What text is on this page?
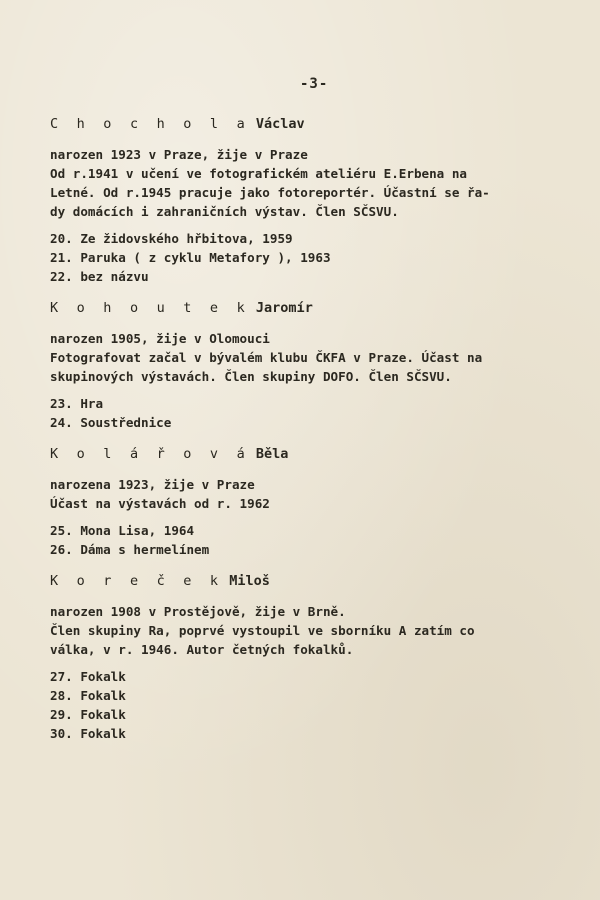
-3-
C h o c h o l a Václav
narozen 1923 v Praze, žije v Praze
Od r.1941 v učení ve fotografickém ateliéru E.Erbena na
Letné. Od r.1945 pracuje jako fotoreportér. Účastní se řa-
dy domácích i zahraničních výstav. Člen SČSVU.
20. Ze židovského hřbitova, 1959
21. Paruka ( z cyklu Metafory ), 1963
22. bez názvu
K o h o u t e k Jaromír
narozen 1905, žije v Olomouci
Fotografovat začal v bývalém klubu ČKFA v Praze. Účast na
skupinových výstavách. Člen skupiny DOFO. Člen SČSVU.
23. Hra
24. Soustřednice
K o l á ř o v á Běla
narozena 1923, žije v Praze
Účast na výstavách od r. 1962
25. Mona Lisa, 1964
26. Dáma s hermelínem
K o r e č e k Miloš
narozen 1908 v Prostějově, žije v Brně.
Člen skupiny Ra, poprvé vystoupil ve sborníku A zatím co
válka, v r. 1946. Autor četných fokalků.
27. Fokalk
28. Fokalk
29. Fokalk
30. Fokalk
